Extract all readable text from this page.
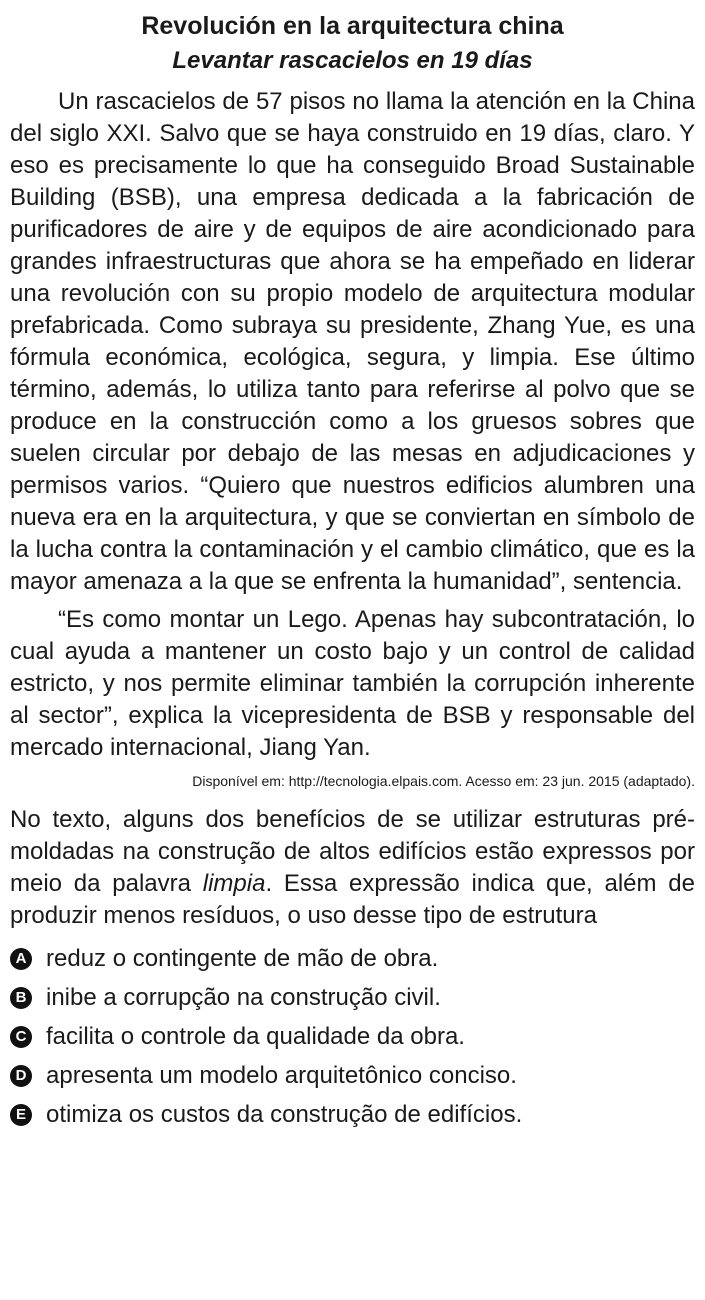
Revolución en la arquitectura china
Levantar rascacielos en 19 días

Un rascacielos de 57 pisos no llama la atención en la China del siglo XXI. Salvo que se haya construido en 19 días, claro. Y eso es precisamente lo que ha conseguido Broad Sustainable Building (BSB), una empresa dedicada a la fabricación de purificadores de aire y de equipos de aire acondicionado para grandes infraestructuras que ahora se ha empeñado en liderar una revolución con su propio modelo de arquitectura modular prefabricada. Como subraya su presidente, Zhang Yue, es una fórmula económica, ecológica, segura, y limpia. Ese último término, además, lo utiliza tanto para referirse al polvo que se produce en la construcción como a los gruesos sobres que suelen circular por debajo de las mesas en adjudicaciones y permisos varios. “Quiero que nuestros edificios alumbren una nueva era en la arquitectura, y que se conviertan en símbolo de la lucha contra la contaminación y el cambio climático, que es la mayor amenaza a la que se enfrenta la humanidad”, sentencia.

“Es como montar un Lego. Apenas hay subcontratación, lo cual ayuda a mantener un costo bajo y un control de calidad estricto, y nos permite eliminar también la corrupción inherente al sector”, explica la vicepresidenta de BSB y responsable del mercado internacional, Jiang Yan.

Disponível em: http://tecnologia.elpais.com. Acesso em: 23 jun. 2015 (adaptado).

No texto, alguns dos benefícios de se utilizar estruturas pré-moldadas na construção de altos edifícios estão expressos por meio da palavra limpia. Essa expressão indica que, além de produzir menos resíduos, o uso desse tipo de estrutura

A reduz o contingente de mão de obra.
B inibe a corrupção na construção civil.
C facilita o controle da qualidade da obra.
D apresenta um modelo arquitetônico conciso.
E otimiza os custos da construção de edifícios.
